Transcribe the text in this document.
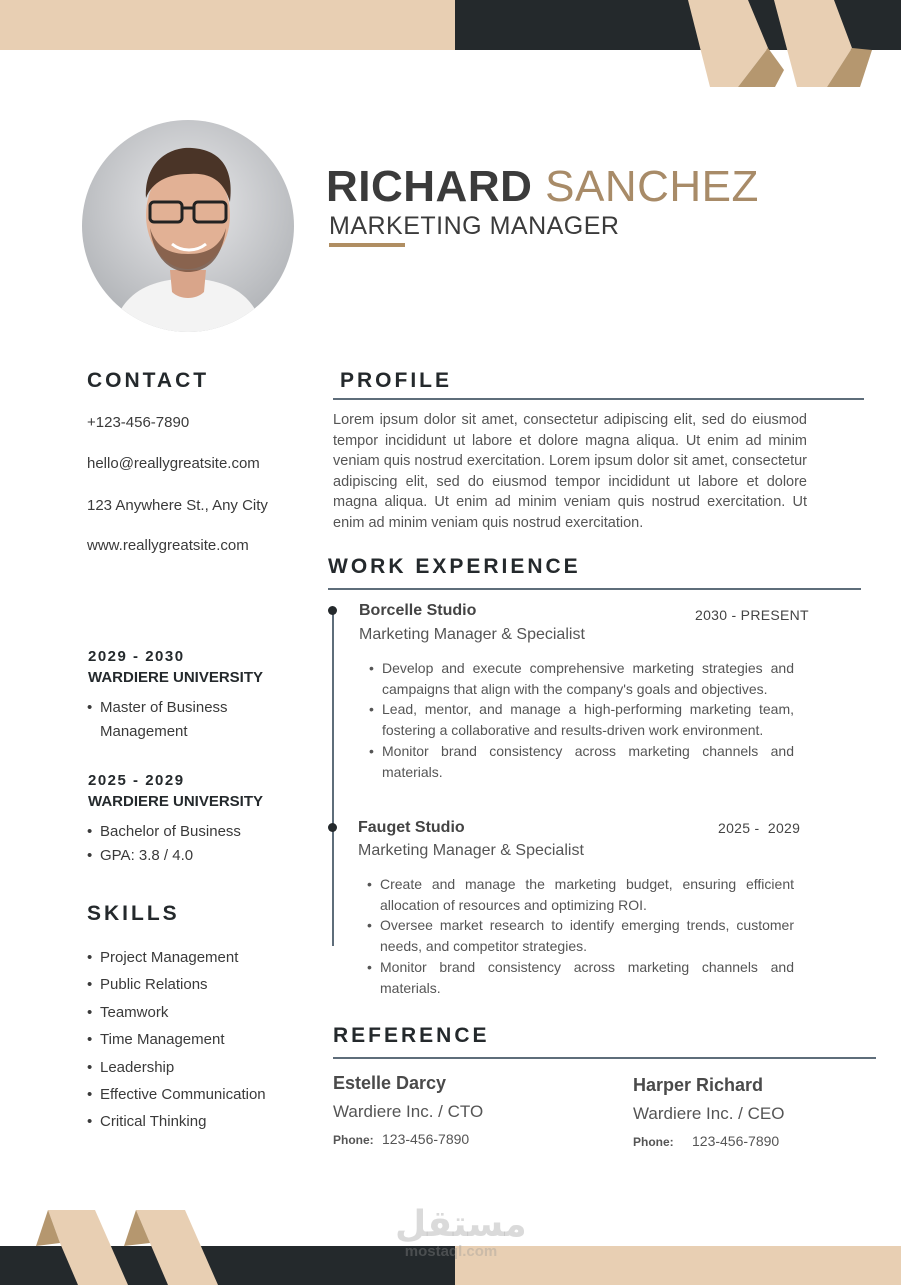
RICHARD SANCHEZ
MARKETING MANAGER
CONTACT
+123-456-7890
hello@reallygreatsite.com
123 Anywhere St., Any City
www.reallygreatsite.com
2029 - 2030
WARDIERE UNIVERSITY
• Master of Business Management
2025 - 2029
WARDIERE UNIVERSITY
• Bachelor of Business
• GPA: 3.8 / 4.0
SKILLS
• Project Management
• Public Relations
• Teamwork
• Time Management
• Leadership
• Effective Communication
• Critical Thinking
PROFILE
Lorem ipsum dolor sit amet, consectetur adipiscing elit, sed do eiusmod tempor incididunt ut labore et dolore magna aliqua. Ut enim ad minim veniam quis nostrud exercitation. Lorem ipsum dolor sit amet, consectetur adipiscing elit, sed do eiusmod tempor incididunt ut labore et dolore magna aliqua. Ut enim ad minim veniam quis nostrud exercitation. Ut enim ad minim veniam quis nostrud exercitation.
WORK EXPERIENCE
Borcelle Studio	2030 - PRESENT
Marketing Manager & Specialist
• Develop and execute comprehensive marketing strategies and campaigns that align with the company's goals and objectives.
• Lead, mentor, and manage a high-performing marketing team, fostering a collaborative and results-driven work environment.
• Monitor brand consistency across marketing channels and materials.
Fauget Studio	2025 -  2029
Marketing Manager & Specialist
• Create and manage the marketing budget, ensuring efficient allocation of resources and optimizing ROI.
• Oversee market research to identify emerging trends, customer needs, and competitor strategies.
• Monitor brand consistency across marketing channels and materials.
REFERENCE
Estelle Darcy
Wardiere Inc. / CTO
Phone: 123-456-7890
Harper Richard
Wardiere Inc. / CEO
Phone: 123-456-7890
مستقل
mostaql.com
